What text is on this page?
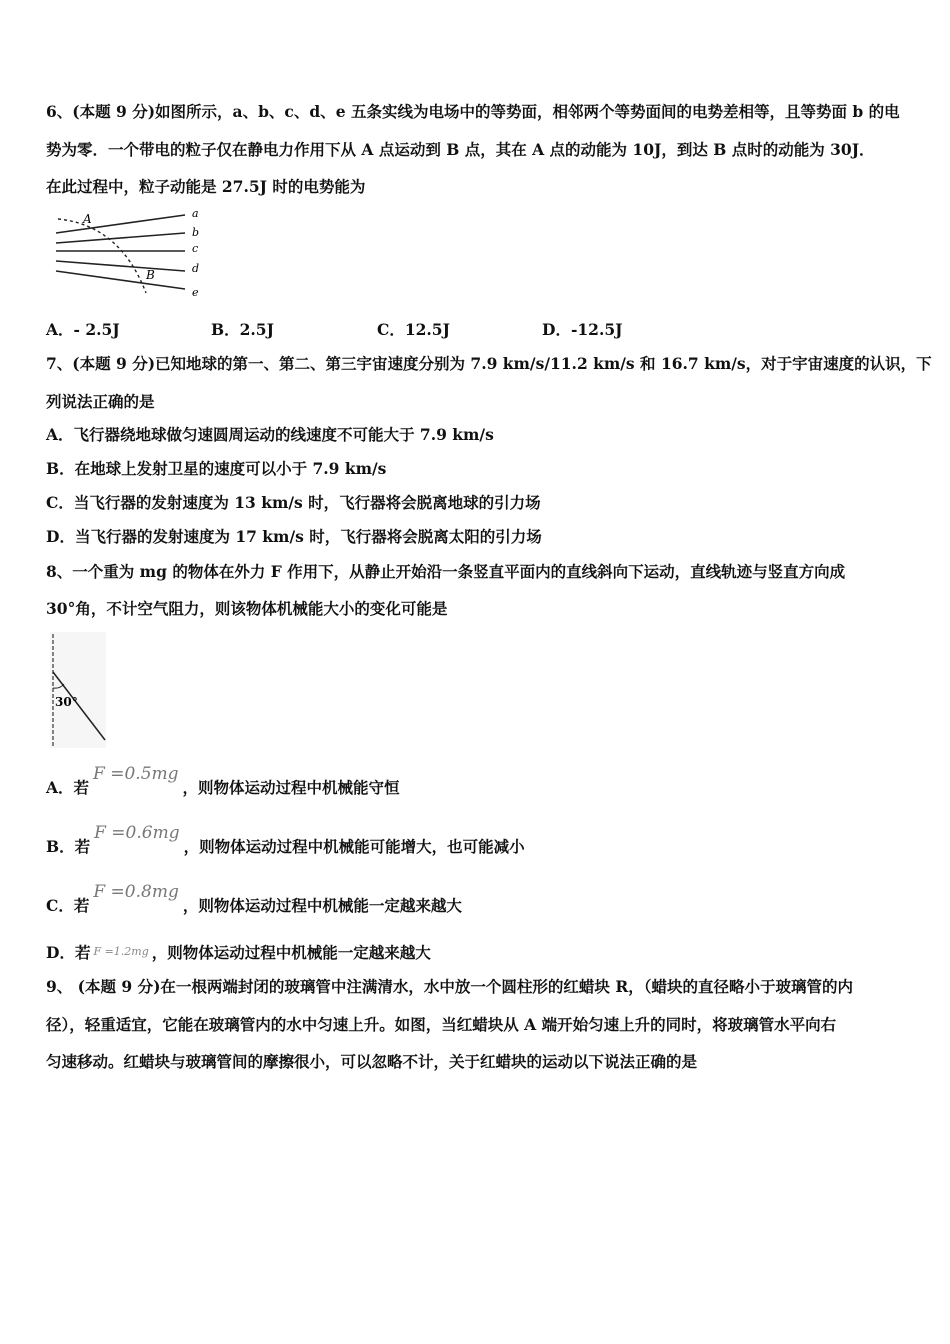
6、(本题 9 分)如图所示，a、b、c、d、e 五条实线为电场中的等势面，相邻两个等势面间的电势差相等，且等势面 b 的电
势为零．一个带电的粒子仅在静电力作用下从 A 点运动到 B 点，其在 A 点的动能为 10J，到达 B 点时的动能为 30J．
在此过程中，粒子动能是 27.5J 时的电势能为
A
B
a
b
c
d
e
A．- 2.5J	B．2.5J	C．12.5J	D．-12.5J
7、(本题 9 分)已知地球的第一、第二、第三宇宙速度分别为 7.9 km/s/11.2 km/s 和 16.7 km/s，对于宇宙速度的认识，下
列说法正确的是
A．飞行器绕地球做匀速圆周运动的线速度不可能大于 7.9 km/s
B．在地球上发射卫星的速度可以小于 7.9 km/s
C．当飞行器的发射速度为 13 km/s 时，飞行器将会脱离地球的引力场
D．当飞行器的发射速度为 17 km/s 时，飞行器将会脱离太阳的引力场
8、一个重为 mg 的物体在外力 F 作用下，从静止开始沿一条竖直平面内的直线斜向下运动，直线轨迹与竖直方向成
30°角，不计空气阻力，则该物体机械能大小的变化可能是
30°
A．若F =0.5mg，则物体运动过程中机械能守恒
B．若F =0.6mg，则物体运动过程中机械能可能增大，也可能减小
C．若F =0.8mg，则物体运动过程中机械能一定越来越大
D．若 F =1.2mg ，则物体运动过程中机械能一定越来越大
9、 (本题 9 分)在一根两端封闭的玻璃管中注满清水，水中放一个圆柱形的红蜡块 R，（蜡块的直径略小于玻璃管的内
径），轻重适宜，它能在玻璃管内的水中匀速上升。如图，当红蜡块从 A 端开始匀速上升的同时，将玻璃管水平向右
匀速移动。红蜡块与玻璃管间的摩擦很小，可以忽略不计，关于红蜡块的运动以下说法正确的是
